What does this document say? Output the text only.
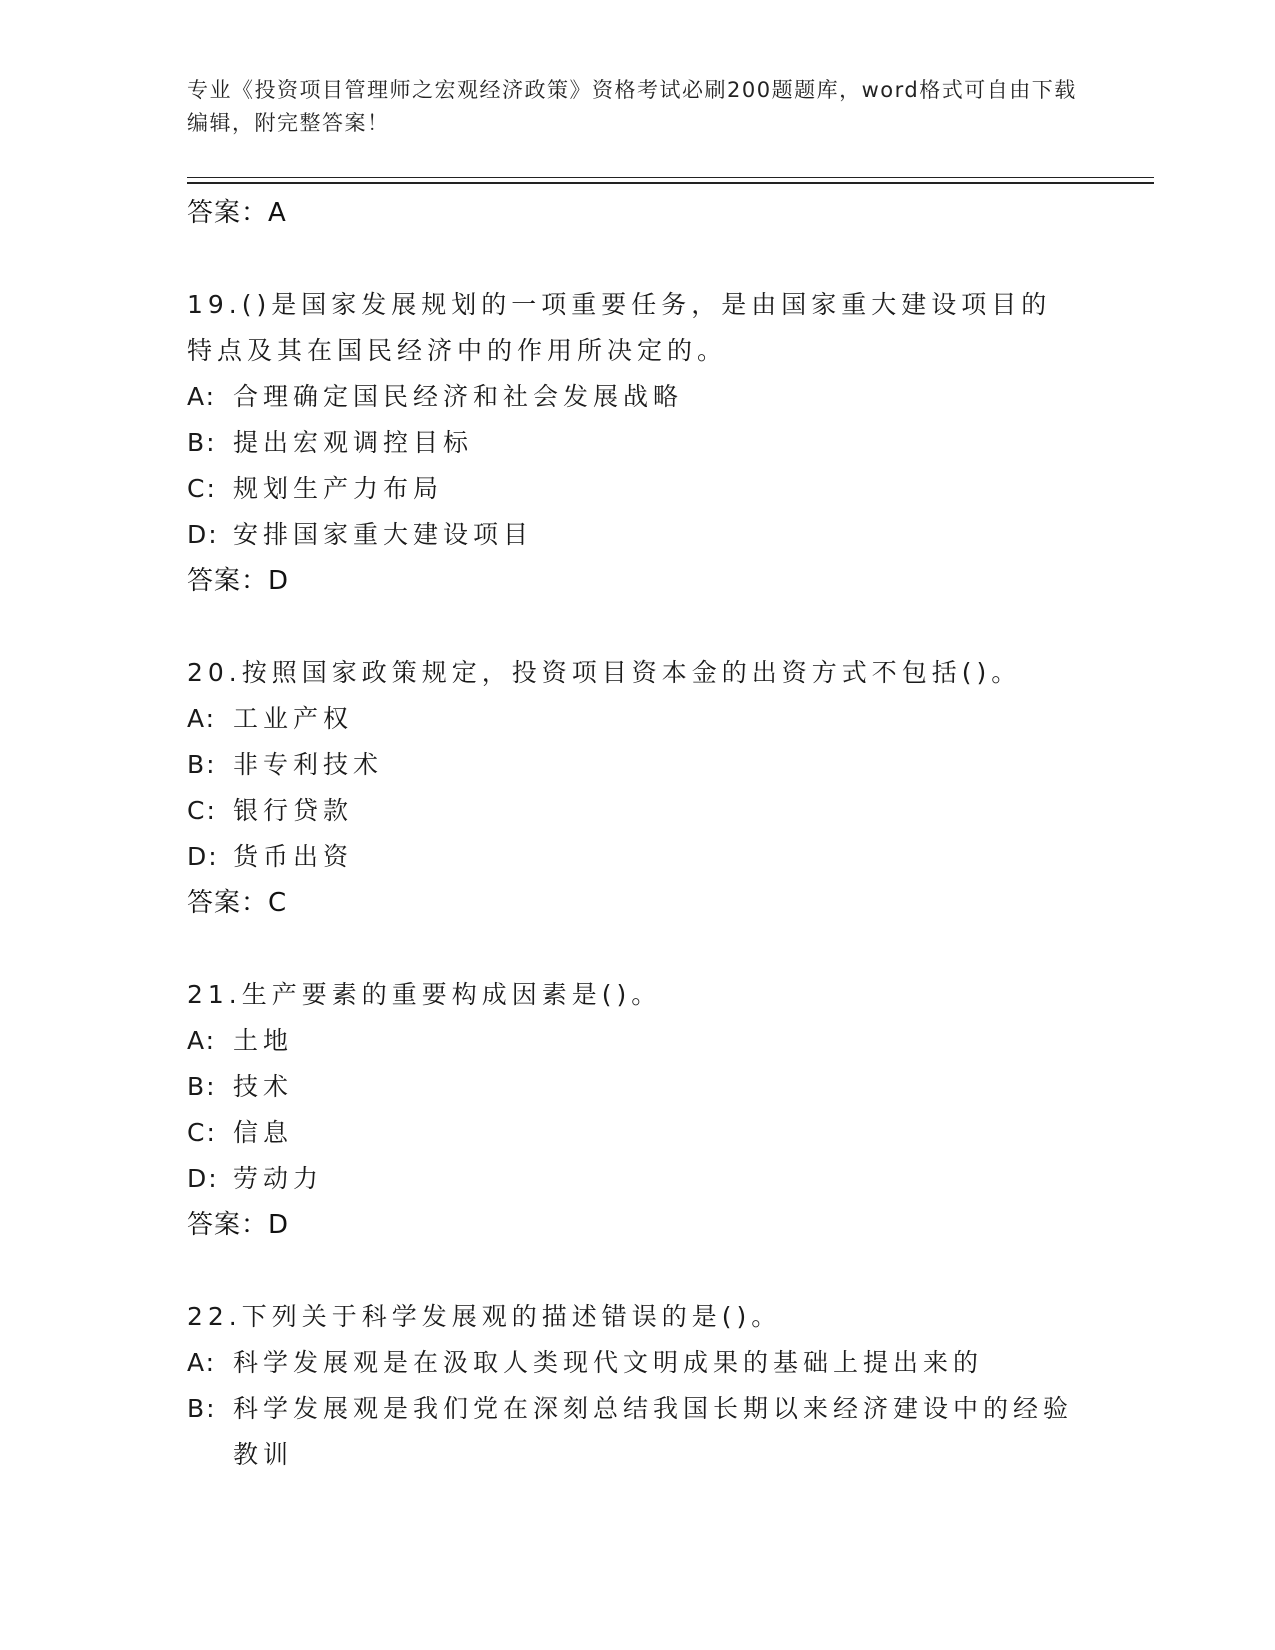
专业《投资项目管理师之宏观经济政策》资格考试必刷200题题库，word格式可自由下载编辑，附完整答案！
答案：A
19.()是国家发展规划的一项重要任务，是由国家重大建设项目的特点及其在国民经济中的作用所决定的。
A: 合理确定国民经济和社会发展战略
B: 提出宏观调控目标
C: 规划生产力布局
D: 安排国家重大建设项目
答案：D
20.按照国家政策规定，投资项目资本金的出资方式不包括()。
A: 工业产权
B: 非专利技术
C: 银行贷款
D: 货币出资
答案：C
21.生产要素的重要构成因素是()。
A: 土地
B: 技术
C: 信息
D: 劳动力
答案：D
22.下列关于科学发展观的描述错误的是()。
A: 科学发展观是在汲取人类现代文明成果的基础上提出来的
B: 科学发展观是我们党在深刻总结我国长期以来经济建设中的经验教训
